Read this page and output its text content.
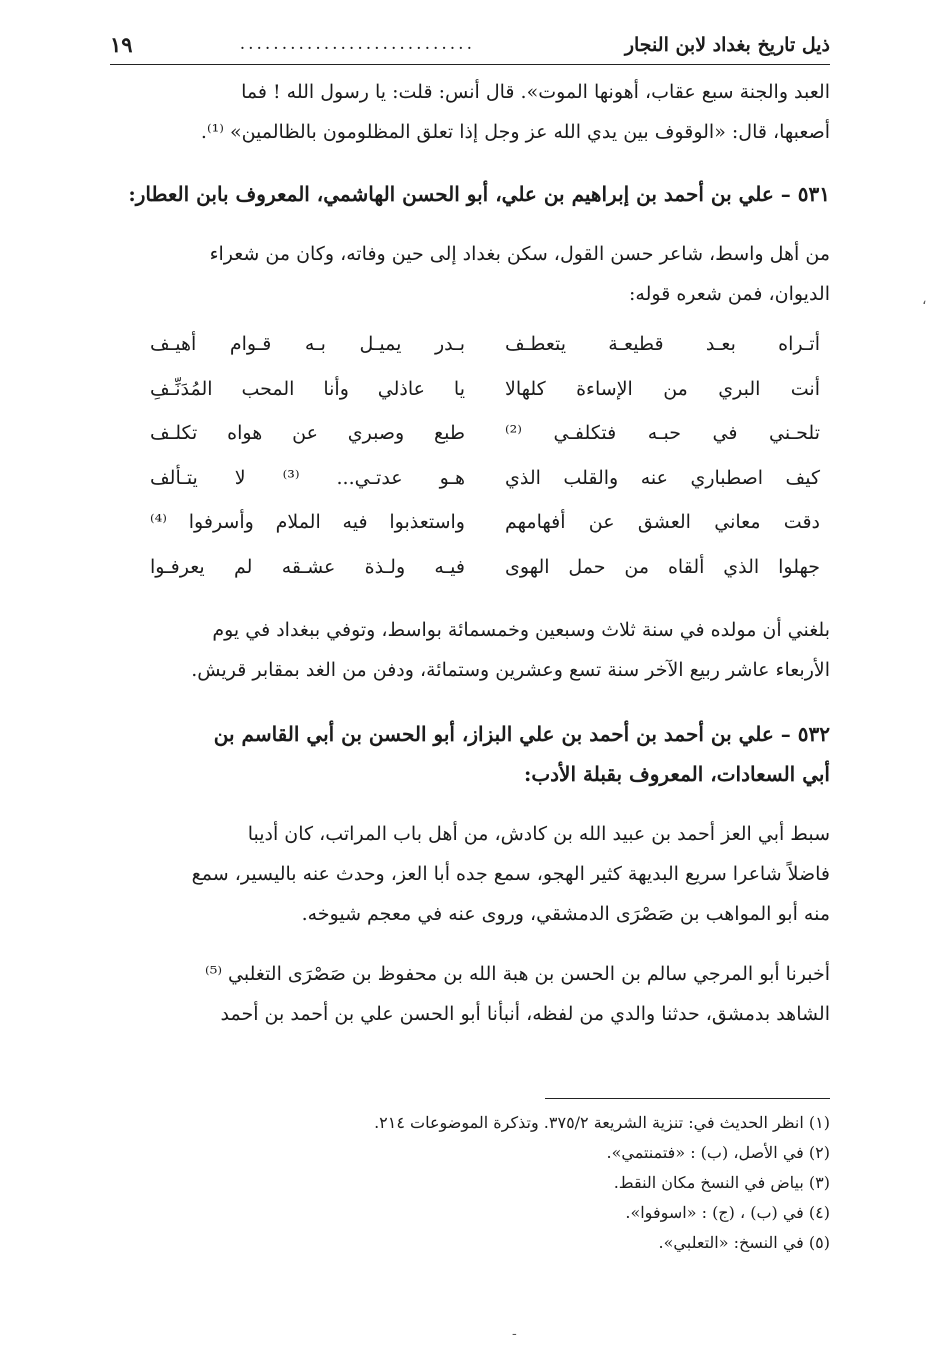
ذيل تاريخ بغداد لابن النجار
............................
١٩

العبد والجنة سبع عقاب، أهونها الموت». قال أنس: قلت: يا رسول الله ! فما
أصعبها، قال: «الوقوف بين يدي الله عز وجل إذا تعلق المظلومون بالظالمين» ⁽¹⁾.

٥٣١ – علي بن أحمد بن إبراهيم بن علي، أبو الحسن الهاشمي، المعروف بابن العطار:

من أهل واسط، شاعر حسن القول، سكن بغداد إلى حين وفاته، وكان من شعراء
الديوان، فمن شعره قوله:

أتـراه بعـد قطيعـة يتعطـف
بـدر يميـل بـه قـوام أهيـف
أنت البري من الإساءة كلهالا
يا عاذلي وأنا المحب المُدَنِّـفِ
تلحـني في حبـه فتكلفـي ⁽²⁾
طبع وصبري عن هواه تكلـف
كيف اصطباري عنه والقلب الذي
هـو عدتـي... ⁽³⁾ لا يتـألف
دقت معاني العشق عن أفهامهم
واستعذبوا فيه الملام وأسرفوا ⁽⁴⁾
جهلوا الذي ألقاه من حمل الهوى
فيـه ولـذة عشـقه لم يعرفـوا

بلغني أن مولده في سنة ثلاث وسبعين وخمسمائة بواسط، وتوفي ببغداد في يوم
الأربعاء عاشر ربيع الآخر سنة تسع وعشرين وستمائة، ودفن من الغد بمقابر قريش.

٥٣٢ – علي بن أحمد بن أحمد بن علي البزاز، أبو الحسن بن أبي القاسم بن
أبي السعادات، المعروف بقبلة الأدب:

سبط أبي العز أحمد بن عبيد الله بن كادش، من أهل باب المراتب، كان أديبا
فاضلاً شاعرا سريع البديهة كثير الهجو، سمع جده أبا العز، وحدث عنه باليسير، سمع
منه أبو المواهب بن صَصْرَى الدمشقي، وروى عنه في معجم شيوخه.

أخبرنا أبو المرجي سالم بن الحسن بن هبة الله بن محفوظ بن صَصْرَى التغلبي ⁽⁵⁾
الشاهد بدمشق، حدثنا والدي من لفظه، أنبأنا أبو الحسن علي بن أحمد بن أحمد

(١) انظر الحديث في: تنزية الشريعة ٣٧٥/٢. وتذكرة الموضوعات ٢١٤.
(٢) في الأصل، (ب) : «فتمنتمي».
(٣) بياض في النسخ مكان النقط.
(٤) في (ب) ، (ج) : «اسوفوا».
(٥) في النسخ: «التعلبي».
،
-
